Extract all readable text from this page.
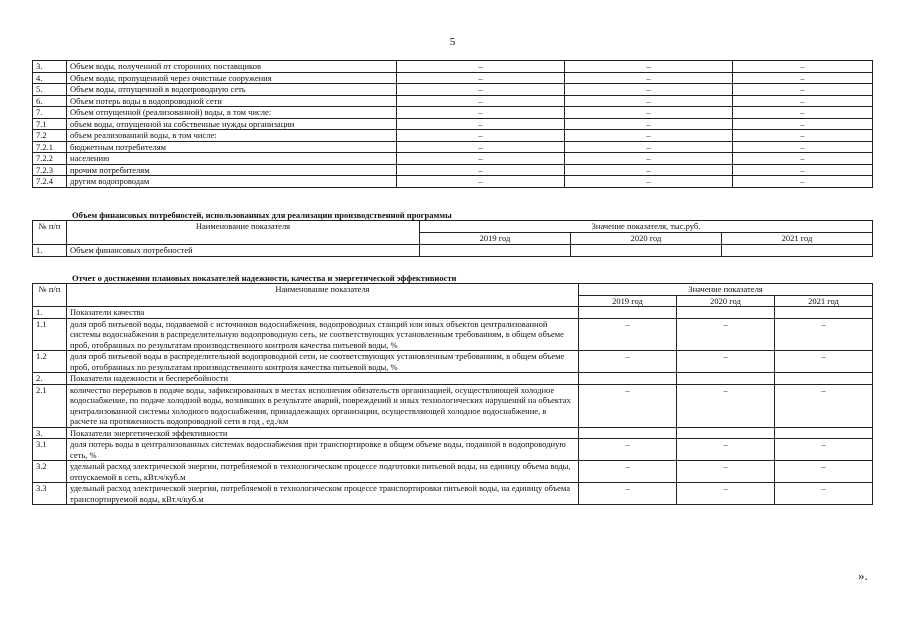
5
3.	Объем воды, полученной от сторонних поставщиков	–	–	–
4.	Объем воды, пропущенной через очистные сооружения	–	–	–
5.	Объем воды, отпущенной в водопроводную сеть	–	–	–
6.	Объем потерь воды в водопроводной сети	–	–	–
7.	Объем отпущенной (реализованной) воды, в том числе:	–	–	–
7.1	объем воды, отпущенной на собственные нужды организации	–	–	–
7.2	объем реализованной воды, в том числе:	–	–	–
7.2.1	бюджетным потребителям	–	–	–
7.2.2	населению	–	–	–
7.2.3	прочим потребителям	–	–	–
7.2.4	другим водопроводам	–	–	–
Объем финансовых потребностей, использованных для реализации производственной программы
№ п/п	Наименование показателя	Значение показателя, тыс.руб.		
		2019 год	2020 год	2021 год
1.	Объем финансовых потребностей			
Отчет о достижении плановых показателей надежности, качества и энергетической эффективности
№ п/п	Наименование показателя	Значение показателя		
		2019 год	2020 год	2021 год
1.	Показатели качества			
1.1	доля проб питьевой воды, подаваемой с источников водоснабжения, водопроводных станций или иных объектов централизованной системы водоснабжения в распределительную водопроводную сеть, не соответствующих установленным требованиям, в общем объеме проб, отобранных по результатам производственного контроля качества питьевой воды, %	–	–	–
1.2	доля проб питьевой воды в распределительной водопроводной сети, не соответствующих установленным требованиям, в общем объеме проб, отобранных по результатам производственного контроля качества питьевой воды, %	–	–	–
2.	Показатели надежности и бесперебойности			
2.1	количество перерывов в подаче воды, зафиксированных в местах исполнения обязательств организацией, осуществляющей холодное водоснабжение, по подаче холодной воды, возникших в результате аварий, повреждений и иных технологических нарушений на объектах централизованной системы холодного водоснабжения, принадлежащих организации, осуществляющей холодное водоснабжение, в расчете на протяженность водопроводной сети в год , ед./км	–	–	–
3.	Показатели энергетической эффективности			
3.1	доля потерь воды в централизованных системах водоснабжения при транспортировке в общем объеме воды, поданной в водопроводную сеть, %	–	–	–
3.2	удельный расход электрической энергии, потребляемой в технологическом процессе подготовки питьевой воды, на единицу объема воды, отпускаемой в сеть, кВт.ч/куб.м	–	–	–
3.3	удельный расход электрической энергии, потребляемой в технологическом процессе транспортировки питьевой воды, на единицу объема транспортируемой воды, кВт.ч/куб.м	–	–	–
».
